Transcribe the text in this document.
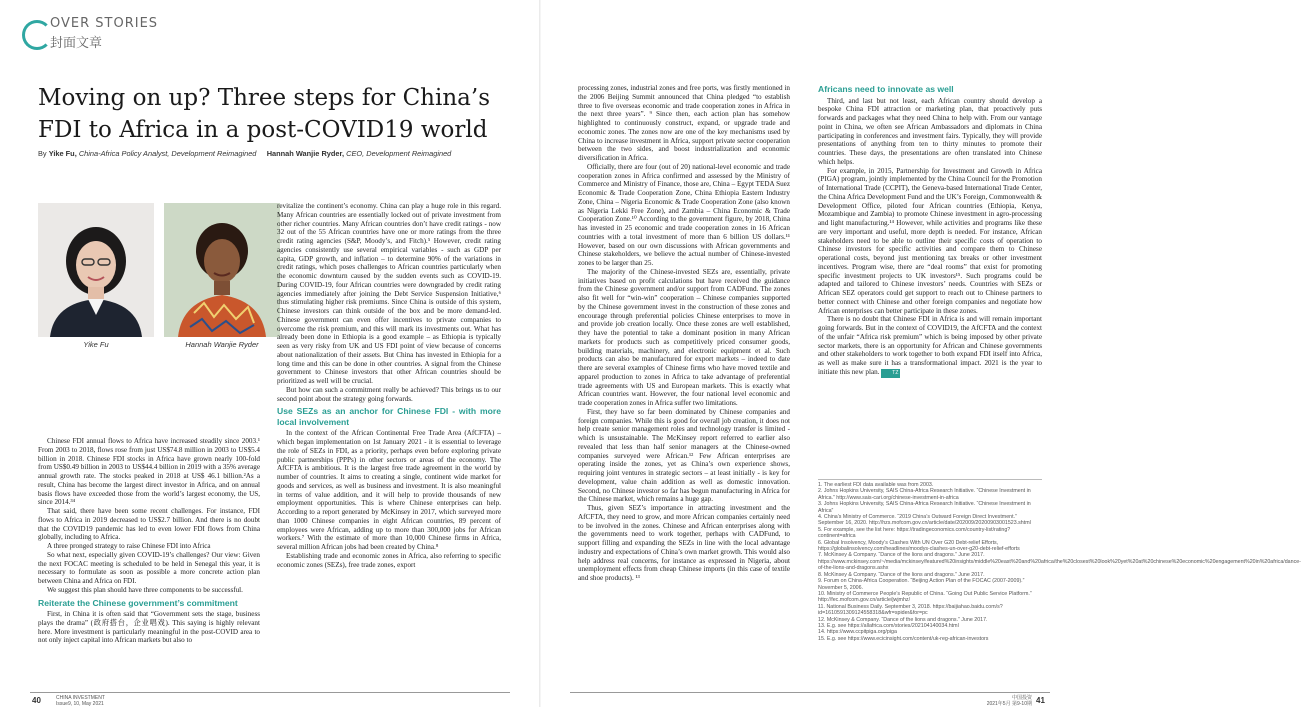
OVER STORIES
封面文章
Moving on up? Three steps for China’s FDI to Africa in a post-COVID19 world
By Yike Fu, China-Africa Policy Analyst, Development Reimagined Hannah Wanjie Ryder, CEO, Development Reimagined
Yike Fu	Hannah Wanjie Ryder

Chinese FDI annual flows to Africa have increased steadily since 2003.¹ From 2003 to 2018, flows rose from just US$74.8 million in 2003 to US$5.4 billion in 2018. Chinese FDI stocks in Africa have grown nearly 100-fold from US$0.49 billion in 2003 to US$44.4 billion in 2019 with a 35% average annual growth rate. The stocks peaked in 2018 at US$ 46.1 billion.²As a result, China has become the largest direct investor in Africa, and on annual basis flows have exceeded those from the world’s largest economy, the US, since 2014.³⁴

That said, there have been some recent challenges. For instance, FDI flows to Africa in 2019 decreased to US$2.7 billion. And there is no doubt that the COVID19 pandemic has led to even lower FDI flows from China globally, including to Africa.

A three pronged strategy to raise Chinese FDI into Africa

So what next, especially given COVID-19’s challenges? Our view: Given the next FOCAC meeting is scheduled to be held in Senegal this year, it is necessary to formulate as soon as possible a more concrete action plan between China and Africa on FDI.

We suggest this plan should have three components to be successful.

Reiterate the Chinese government’s commitment

First, in China it is often said that “Government sets the stage, business plays the drama” (政府搭台，企业唱戏). This saying is highly relevant here. More investment is particularly meaningful in the post-COVID area to not only inject capital into African markets but also to

revitalize the continent’s economy. China can play a huge role in this regard. Many African countries are essentially locked out of private investment from other richer countries. Many African countries don’t have credit ratings - now 32 out of the 55 African countries have one or more ratings from the three credit rating agencies (S&P, Moody’s, and Fitch).⁵ However, credit rating agencies consistently use several empirical variables - such as GDP per capita, GDP growth, and inflation – to determine 90% of the variations in credit ratings, which poses challenges to African countries particularly when the economic downturn caused by the sudden events such as COVID-19. During COVID-19, four African countries were downgraded by credit rating agencies immediately after joining the Debt Service Suspension Initiative,⁶ thus stimulating higher risk premiums. Since China is outside of this system, Chinese investors can think outside of the box and be more demand-led. Chinese government can even offer incentives to private companies to overcome the risk premium, and this will mark its investments out. What has already been done in Ethiopia is a good example – as Ethiopia is typically seen as very risky from UK and US FDI point of view because of concerns about nationalization of their assets. But China has invested in Ethiopia for a long time and this can be done in other countries. A signal from the Chinese government to Chinese investors that other African countries should be prioritized as well will be crucial.

But how can such a commitment really be achieved? This brings us to our second point about the strategy going forwards.

Use SEZs as an anchor for Chinese FDI - with more local involvement

In the context of the African Continental Free Trade Area (AfCFTA) – which began implementation on 1st January 2021 - it is essential to leverage the role of SEZs in FDI, as a priority, perhaps even before exploring private public partnerships (PPPs) in other sectors or areas of the economy. The AfCFTA is ambitious. It is the largest free trade agreement in the world by number of countries. It aims to creating a single, continent wide market for goods and services, as well as business and investment. It is also meaningful in terms of value addition, and it will help to provide thousands of new employment opportunities. This is where Chinese enterprises can help. According to a report generated by McKinsey in 2017, which surveyed more than 1000 Chinese companies in eight African countries, 89 percent of employees were African, adding up to more than 300,000 jobs for African workers.⁷ With the estimate of more than 10,000 Chinese firms in Africa, several million African jobs had been created by China.⁸

Establishing trade and economic zones in Africa, also referring to specific economic zones (SEZs), free trade zones, export

40	CHINA INVESTMENT
Issue9, 10, May 2021

processing zones, industrial zones and free ports, was firstly mentioned in the 2006 Beijing Summit announced that China pledged “to establish three to five overseas economic and trade cooperation zones in Africa in the next three years”. ⁹ Since then, each action plan has somehow highlighted to continuously construct, expand, or upgrade trade and economic zones. The zones now are one of the key mechanisms used by China to increase investment in Africa, support private sector cooperation between the two sides, and boost industrialization and economic diversification in Africa.

Officially, there are four (out of 20) national-level economic and trade cooperation zones in Africa confirmed and assessed by the Ministry of Commerce and Ministry of Finance, those are, China – Egypt TEDA Suez Economic & Trade Cooperation Zone, China Ethiopia Eastern Industry Zone, China – Nigeria Economic & Trade Cooperation Zone (also known as Nigeria Lekki Free Zone), and Zambia – China Economic & Trade Cooperation Zone.¹⁰ According to the government figure, by 2018, China has invested in 25 economic and trade cooperation zones in 16 African countries with a total investment of more than 6 billion US dollars.¹¹ However, based on our own discussions with African governments and Chinese stakeholders, we believe the actual number of Chinese-invested zones to be larger than 25.

The majority of the Chinese-invested SEZs are, essentially, private initiatives based on profit calculations but have received the guidance from the Chinese government and/or support from CADFund. The zones also fit well for “win-win” cooperation – Chinese companies supported by the Chinese government invest in the construction of these zones and encourage through preferential policies Chinese enterprises to move in and provide job creation locally. Once these zones are well established, they have the potential to take a dominant position in many African markets for products such as competitively priced consumer goods, building materials, machinery, and electronic equipment et al. Such products can also be manufactured for export markets – indeed to date there are several examples of Chinese firms who have moved textile and apparel production to zones in Africa to take advantage of preferential trade agreements with US and European markets. This is exactly what African countries want. However, the four national level economic and trade cooperation zones in Africa suffer two limitations.

First, they have so far been dominated by Chinese companies and foreign companies. While this is good for overall job creation, it does not help create senior management roles and technology transfer is limited - which is unsustainable. The McKinsey report referred to earlier also revealed that less than half senior managers at the Chinese-owned companies surveyed were African.¹² Few African enterprises are operating inside the zones, yet as China’s own experience shows, requiring joint ventures in strategic sectors – at least initially - is key for development, value chain addition as well as domestic innovation. Second, no Chinese investor so far has begun manufacturing in Africa for the Chinese market, which remains a huge gap.

Thus, given SEZ’s importance in attracting investment and the AfCFTA, they need to grow, and more African companies certainly need to be involved in the zones. Chinese and African enterprises along with the governments need to work together, perhaps with CADFund, to support filling and expanding the SEZs in line with the local advantage industry and expectations of China’s own market growth. This would also help address real concerns, for instance as expressed in Nigeria, about unemployment effects from cheap Chinese imports (in this case of textile and shoe products). ¹³

Africans need to innovate as well

Third, and last but not least, each African country should develop a bespoke China FDI attraction or marketing plan, that proactively puts forwards and packages what they need China to help with. From our vantage point in China, we often see African Ambassadors and diplomats in China participating in conferences and investment fairs. Typically, they will provide presentations of anything from ten to thirty minutes to promote their countries. These days, the presentations are often translated into Chinese which helps.

For example, in 2015, Partnership for Investment and Growth in Africa (PIGA) program, jointly implemented by the China Council for the Promotion of International Trade (CCPIT), the Geneva-based International Trade Center, the China Africa Development Fund and the UK’s Foreign, Commonwealth & Development Office, piloted four African countries (Ethiopia, Kenya, Mozambique and Zambia) to promote Chinese investment in agro-processing and light manufacturing.¹⁴ However, while activities and programs like these are very important and useful, more depth is needed. For instance, African stakeholders need to be able to outline their specific costs of operation to Chinese investors for specific activities and compare them to Chinese operational costs, beyond just mentioning tax breaks or other investment incentives. Program wise, there are “deal rooms” that exist for promoting specific investment projects to UK investors¹⁵. Such programs could be adapted and tailored to Chinese investors’ needs. Countries with SEZs or African SEZ operators could get support to reach out to Chinese partners to better connect with Chinese and other foreign companies and negotiate how African enterprises can better participate in these zones.

There is no doubt that Chinese FDI in Africa is and will remain important going forwards. But in the context of COVID19, the AfCFTA and the context of the unfair “Africa risk premium” which is being imposed by other private sector markets, there is an opportunity for African and Chinese governments and other stakeholders to work together to both expand FDI itself into Africa, as well as make sure it has a transformational impact. 2021 is the year to initiate this new plan.	TZ

1. The earliest FDI data available was from 2003.
2. Johns Hopkins University, SAIS China-Africa Research Initiative. “Chinese Investment in Africa.” http://www.sais-cari.org/chinese-investment-in-africa
3. Johns Hopkins University, SAIS China-Africa Research Initiative. “Chinese Investment in Africa”
4. China’s Ministry of Commerce. “2019 China’s Outward Foreign Direct Investment.” September 16, 2020. http://hzs.mofcom.gov.cn/article/date/202009/20200903001523.shtml
5. For example, see the list here: https://tradingeconomics.com/country-list/rating?continent=africa
6. Global Insolvency, Moody’s Clashes With UN Over G20 Debt-relief Efforts, https://globalinsolvency.com/headlines/moodys-clashes-un-over-g20-debt-relief-efforts
7. McKinsey & Company. “Dance of the lions and dragons.” June 2017. https://www.mckinsey.com/~/media/mckinsey/featured%20insights/middle%20east%20and%20africa/the%20closest%20look%20yet%20at%20chinese%20economic%20engagement%20in%20africa/dance-of-the-lions-and-dragons.ashx
8. McKinsey & Company. “Dance of the lions and dragons.” June 2017.
9. Forum on China-Africa Cooperation. “Beijing Action Plan of the FOCAC (2007-2009).” November 5, 2006.
10. Ministry of Commerce People’s Republic of China. “Going Out Public Service Platform.” http://fec.mofcom.gov.cn/article/jwjmhz/
11. National Business Daily. September 3, 2018. https://baijiahao.baidu.com/s?id=1610591309124558318&wfr=spider&for=pc
12. McKinsey & Company. “Dance of the lions and dragons.” June 2017.
13. E.g. see https://allafrica.com/stories/202104140034.html
14. https://www.ccpitpiga.org/piga
15. E.g. see https://www.ecicinsight.com/content/uk-reg-african-investors
中国投资
2021年5月 第9-10期 41
